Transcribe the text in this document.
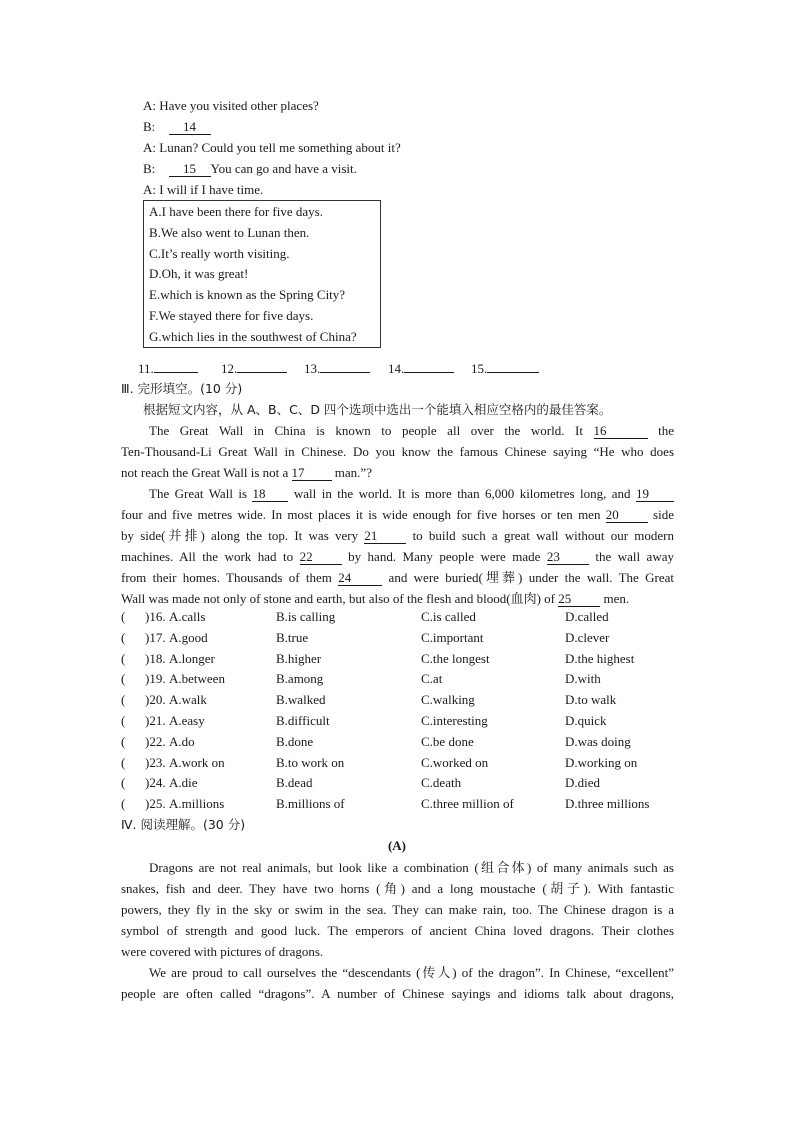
A: Have you visited other places?
B: 14
A: Lunan? Could you tell me something about it?
B: 15 You can go and have a visit.
A: I will if I have time.
A.I have been there for five days.
B.We also went to Lunan then.
C.It’s really worth visiting.
D.Oh, it was great!
E.which is known as the Spring City?
F.We stayed there for five days.
G.which lies in the southwest of China?
11.	12.	13.	14.	15.
Ⅲ. 完形填空。(10 分)
根据短文内容，从 A、B、C、D 四个选项中选出一个能填入相应空格内的最佳答案。
The Great Wall in China is known to people all over the world. It 16	the
Ten-Thousand-Li Great Wall in Chinese. Do you know the famous Chinese saying “He who does
not reach the Great Wall is not a 17 man.”?
The Great Wall is 18 wall in the world. It is more than 6,000 kilometres long, and 19
four and five metres wide. In most places it is wide enough for five horses or ten men 20 side
by side(并排) along the top. It was very 21 to build such a great wall without our modern
machines. All the work had to 22 by hand. Many people were made 23 the wall away
from their homes. Thousands of them 24 and were buried(埋葬) under the wall. The Great
Wall was made not only of stone and earth, but also of the flesh and blood(血肉) of 25 men.
( )16. A.calls	B.is calling	C.is called	D.called
( )17. A.good	B.true	C.important	D.clever
( )18. A.longer	B.higher	C.the longest	D.the highest
( )19. A.between	B.among	C.at	D.with
( )20. A.walk	B.walked	C.walking	D.to walk
( )21. A.easy	B.difficult	C.interesting	D.quick
( )22. A.do	B.done	C.be done	D.was doing
( )23. A.work on	B.to work on	C.worked on	D.working on
( )24. A.die	B.dead	C.death	D.died
( )25. A.millions	B.millions of	C.three million of	D.three millions
Ⅳ. 阅读理解。(30 分)
(A)
Dragons are not real animals, but look like a combination (组合体) of many animals such as
snakes, fish and deer. They have two horns (角) and a long moustache (胡子). With fantastic
powers, they fly in the sky or swim in the sea. They can make rain, too. The Chinese dragon is a
symbol of strength and good luck. The emperors of ancient China loved dragons. Their clothes
were covered with pictures of dragons.
We are proud to call ourselves the “descendants (传人) of the dragon”. In Chinese, “excellent”
people are often called “dragons”. A number of Chinese sayings and idioms talk about dragons,
